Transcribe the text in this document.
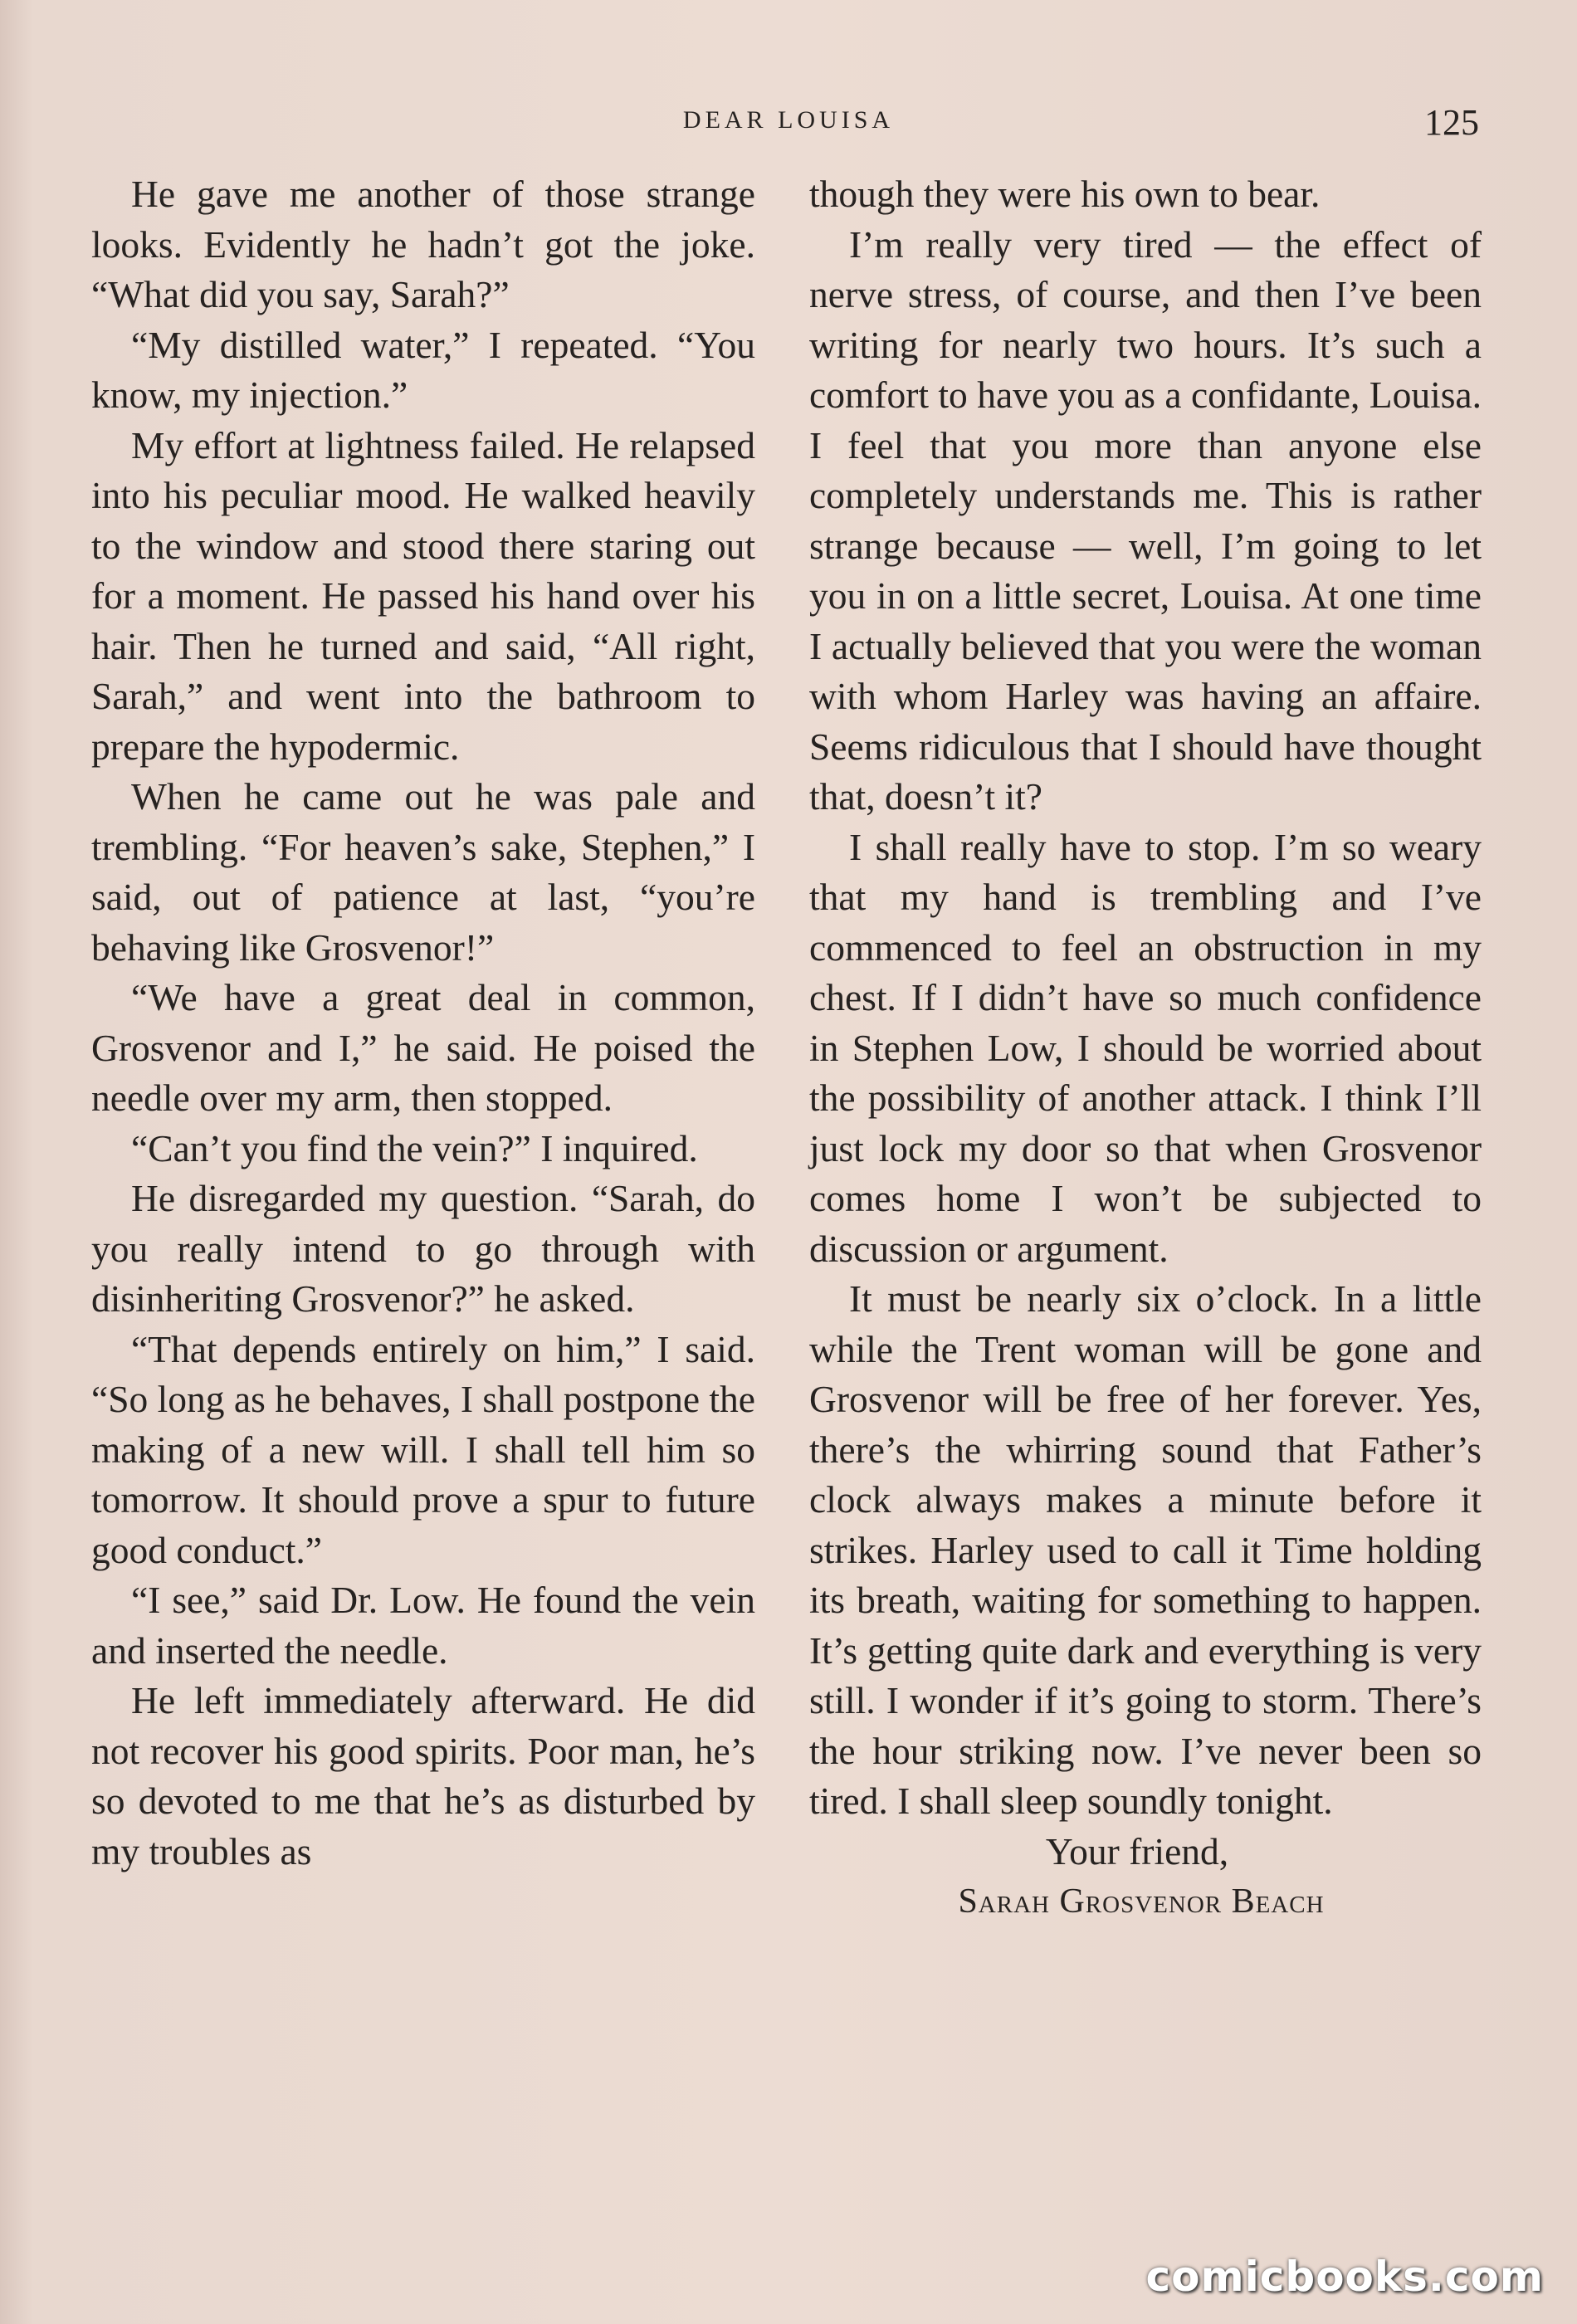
DEAR LOUISA	125

He gave me another of those strange looks. Evidently he hadn’t got the joke. “What did you say, Sarah?”

“My distilled water,” I repeated. “You know, my injection.”

My effort at lightness failed. He relapsed into his peculiar mood. He walked heavily to the window and stood there staring out for a moment. He passed his hand over his hair. Then he turned and said, “All right, Sarah,” and went into the bathroom to prepare the hypodermic.

When he came out he was pale and trembling. “For heaven’s sake, Stephen,” I said, out of patience at last, “you’re behaving like Grosvenor!”

“We have a great deal in common, Grosvenor and I,” he said. He poised the needle over my arm, then stopped.

“Can’t you find the vein?” I inquired.

He disregarded my question. “Sarah, do you really intend to go through with disinheriting Grosvenor?” he asked.

“That depends entirely on him,” I said. “So long as he behaves, I shall postpone the making of a new will. I shall tell him so tomorrow. It should prove a spur to future good conduct.”

“I see,” said Dr. Low. He found the vein and inserted the needle.

He left immediately afterward. He did not recover his good spirits. Poor man, he’s so devoted to me that he’s as disturbed by my troubles as

though they were his own to bear.

I’m really very tired — the effect of nerve stress, of course, and then I’ve been writing for nearly two hours. It’s such a comfort to have you as a confidante, Louisa. I feel that you more than anyone else completely understands me. This is rather strange because — well, I’m going to let you in on a little secret, Louisa. At one time I actually believed that you were the woman with whom Harley was having an affaire. Seems ridiculous that I should have thought that, doesn’t it?

I shall really have to stop. I’m so weary that my hand is trembling and I’ve commenced to feel an obstruction in my chest. If I didn’t have so much confidence in Stephen Low, I should be worried about the possibility of another attack. I think I’ll just lock my door so that when Grosvenor comes home I won’t be subjected to discussion or argument.

It must be nearly six o’clock. In a little while the Trent woman will be gone and Grosvenor will be free of her forever. Yes, there’s the whirring sound that Father’s clock always makes a minute before it strikes. Harley used to call it Time holding its breath, waiting for something to happen. It’s getting quite dark and everything is very still. I wonder if it’s going to storm. There’s the hour striking now. I’ve never been so tired. I shall sleep soundly tonight.

Your friend,

Sarah Grosvenor Beach

comicbooks.com
